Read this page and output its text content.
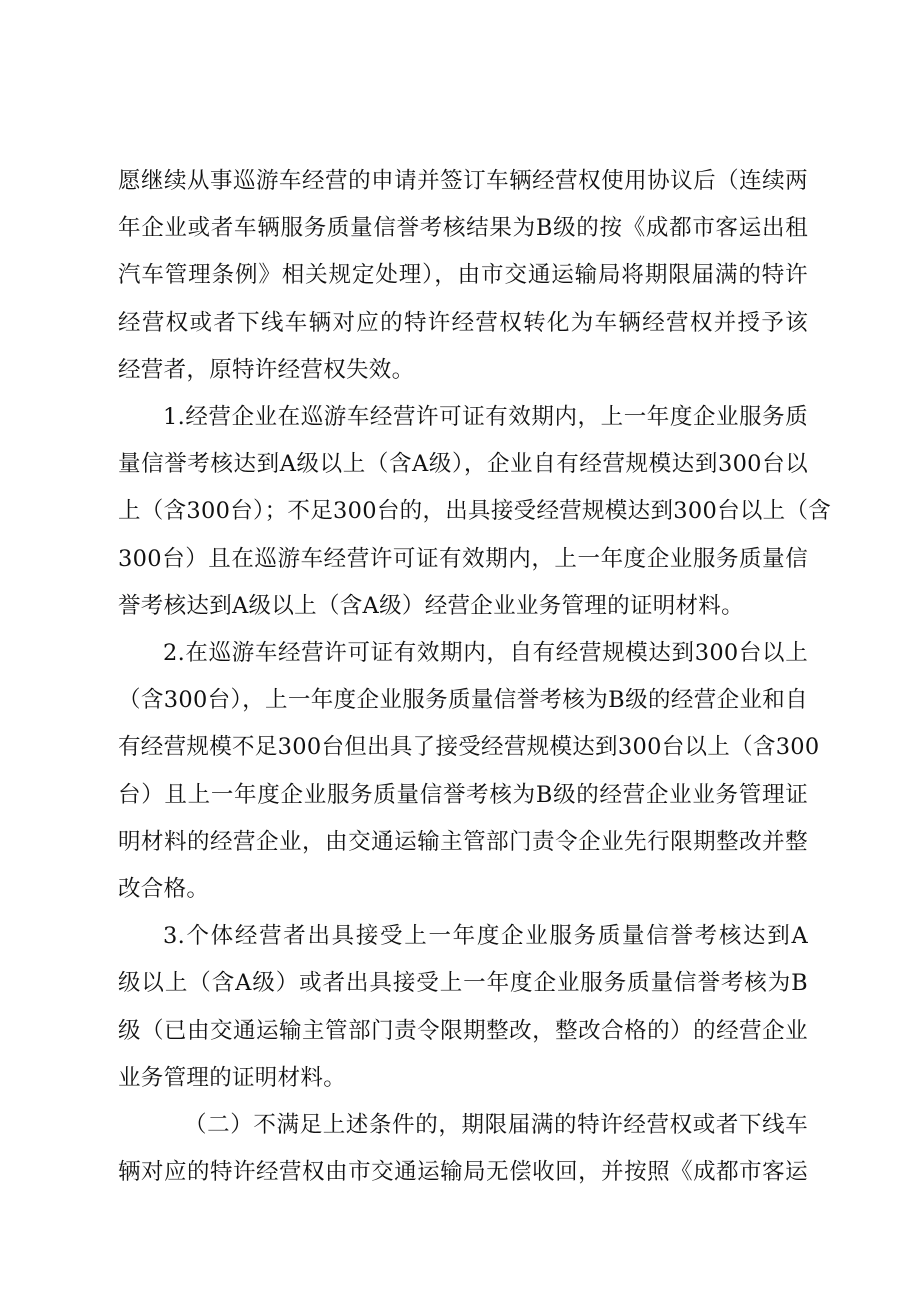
愿继续从事巡游车经营的申请并签订车辆经营权使用协议后（连续两
年企业或者车辆服务质量信誉考核结果为B级的按《成都市客运出租
汽车管理条例》相关规定处理），由市交通运输局将期限届满的特许
经营权或者下线车辆对应的特许经营权转化为车辆经营权并授予该
经营者，原特许经营权失效。
1.经营企业在巡游车经营许可证有效期内，上一年度企业服务质
量信誉考核达到A级以上（含A级），企业自有经营规模达到300台以
上（含300台）；不足300台的，出具接受经营规模达到300台以上（含
300台）且在巡游车经营许可证有效期内，上一年度企业服务质量信
誉考核达到A级以上（含A级）经营企业业务管理的证明材料。
2.在巡游车经营许可证有效期内，自有经营规模达到300台以上
（含300台），上一年度企业服务质量信誉考核为B级的经营企业和自
有经营规模不足300台但出具了接受经营规模达到300台以上（含300
台）且上一年度企业服务质量信誉考核为B级的经营企业业务管理证
明材料的经营企业，由交通运输主管部门责令企业先行限期整改并整
改合格。
3.个体经营者出具接受上一年度企业服务质量信誉考核达到A
级以上（含A级）或者出具接受上一年度企业服务质量信誉考核为B
级（已由交通运输主管部门责令限期整改，整改合格的）的经营企业
业务管理的证明材料。
（二）不满足上述条件的，期限届满的特许经营权或者下线车
辆对应的特许经营权由市交通运输局无偿收回，并按照《成都市客运
